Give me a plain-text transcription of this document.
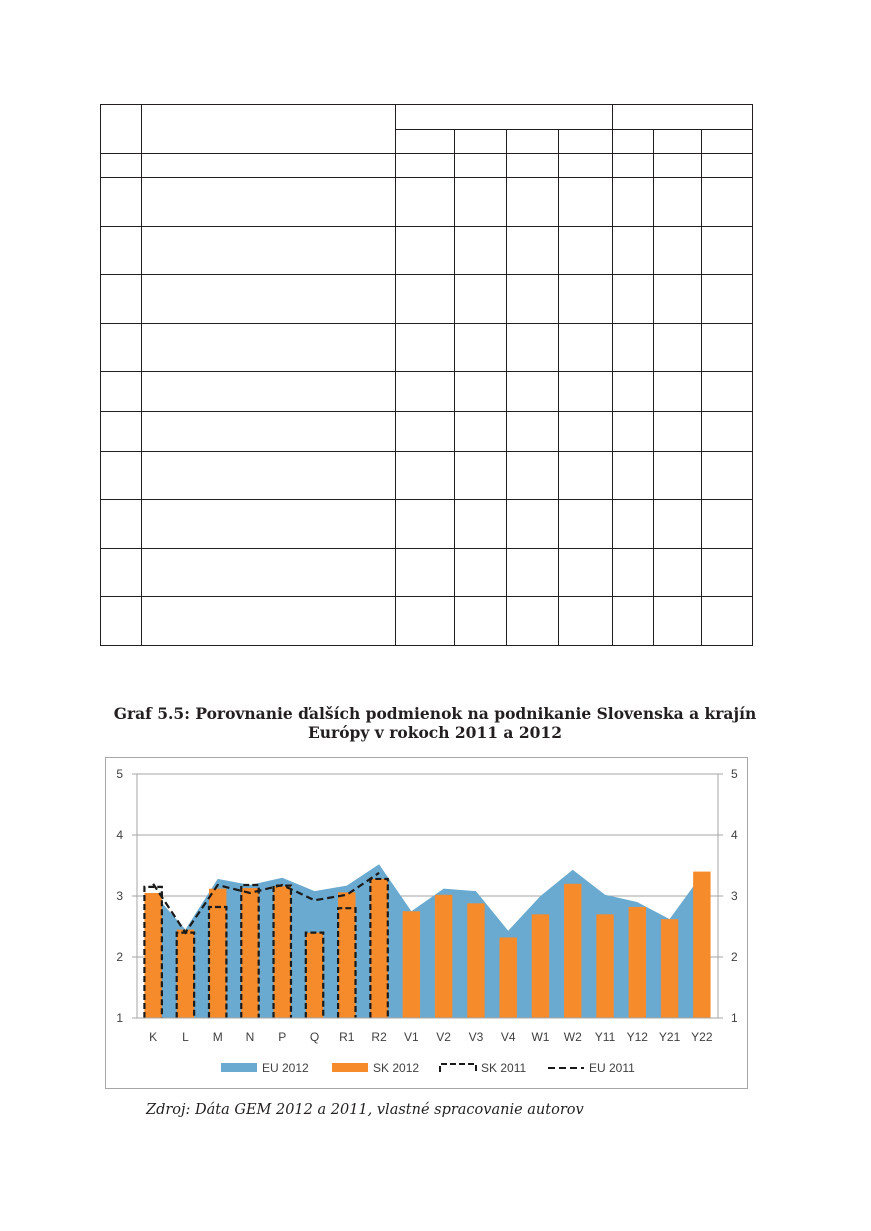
Graf 5.5: Porovnanie ďalších podmienok na podnikanie Slovenska a krajín
Európy v rokoch 2011 a 2012
1	1
2	2
3	3
4	4
5	5
K L M N P Q R1 R2 V1 V2 V3 V4 W1 W2 Y11 Y12 Y21 Y22
EU 2012	SK 2012	SK 2011	EU 2011
Zdroj: Dáta GEM 2012 a 2011, vlastné spracovanie autorov
